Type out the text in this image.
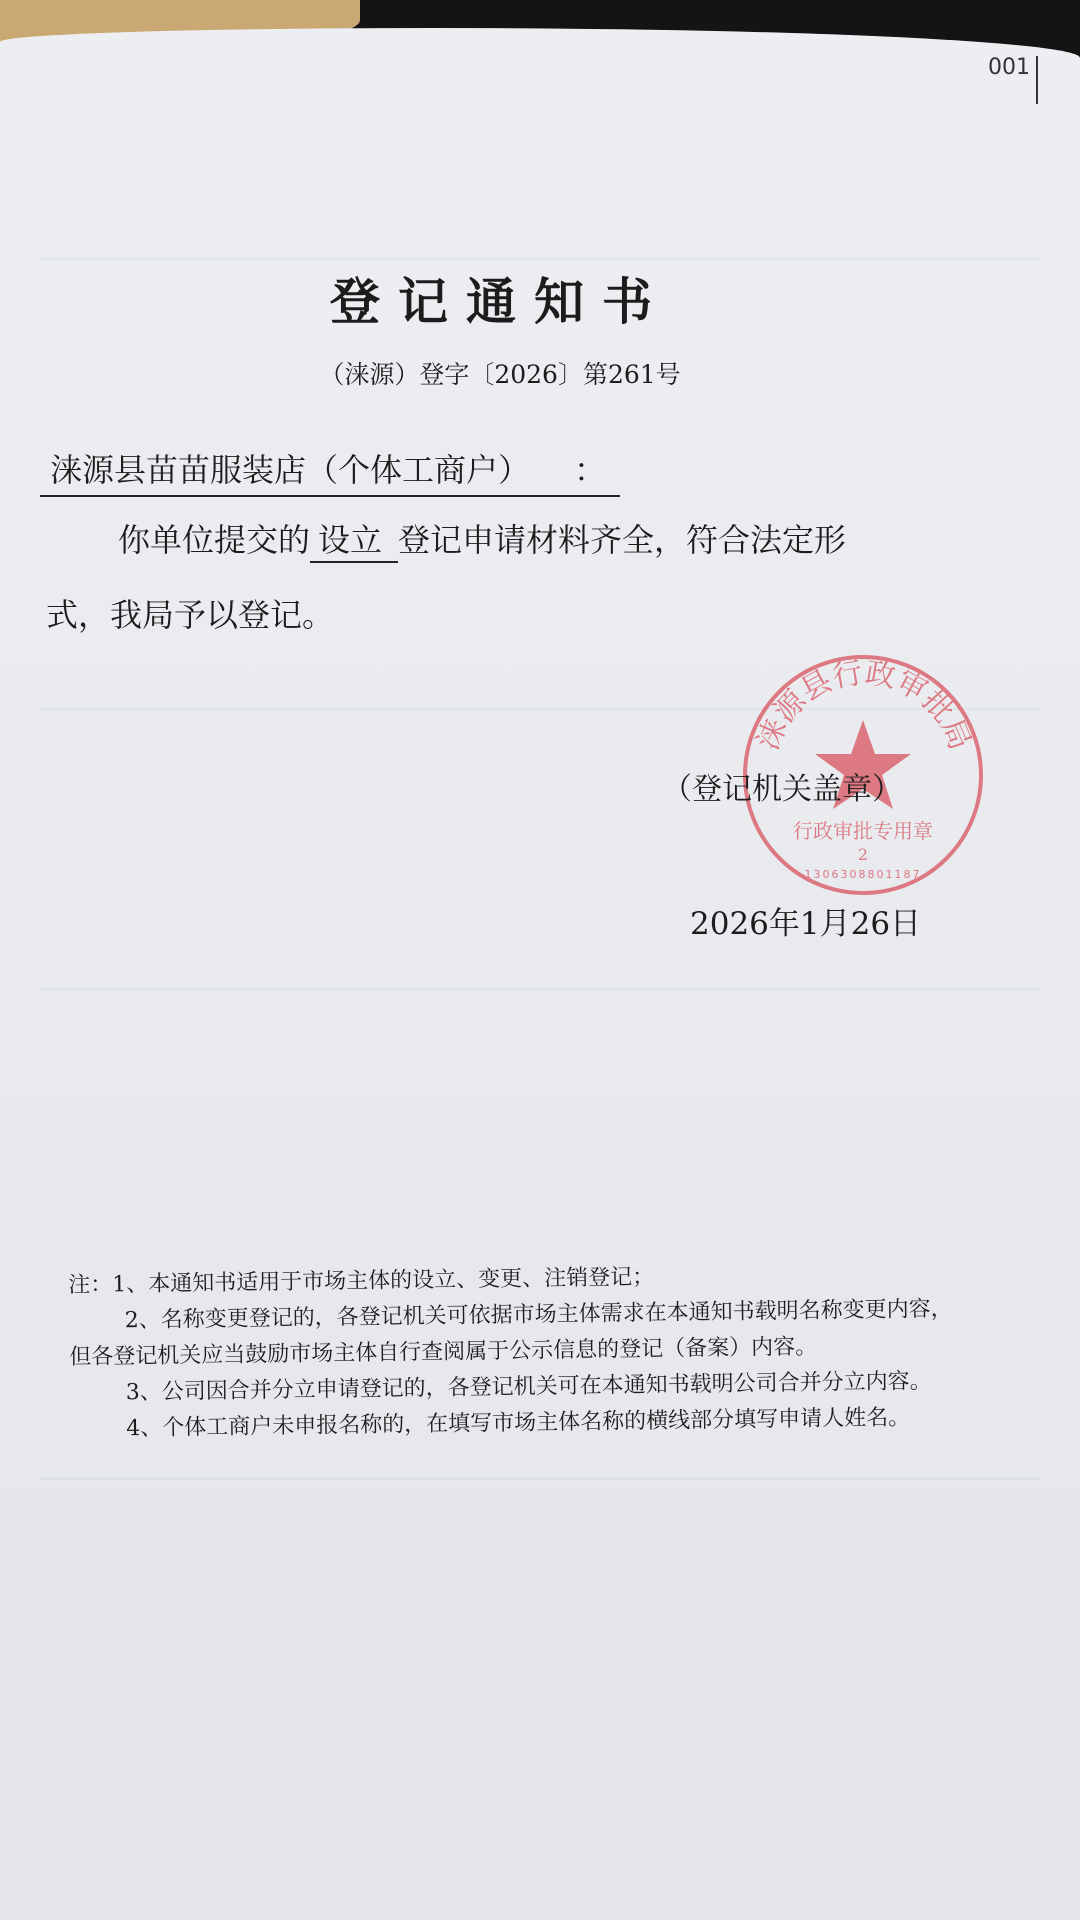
001
登记通知书
（涞源）登字〔2026〕第261号
涞源县苗苗服装店（个体工商户） ：
你单位提交的 设立 登记申请材料齐全，符合法定形
式，我局予以登记。
涞源县行政审批局
行政审批专用章
2
1306308801187
（登记机关盖章）
2026年1月26日
注：1、本通知书适用于市场主体的设立、变更、注销登记；
2、名称变更登记的，各登记机关可依据市场主体需求在本通知书载明名称变更内容，
但各登记机关应当鼓励市场主体自行查阅属于公示信息的登记（备案）内容。
3、公司因合并分立申请登记的，各登记机关可在本通知书载明公司合并分立内容。
4、个体工商户未申报名称的，在填写市场主体名称的横线部分填写申请人姓名。
